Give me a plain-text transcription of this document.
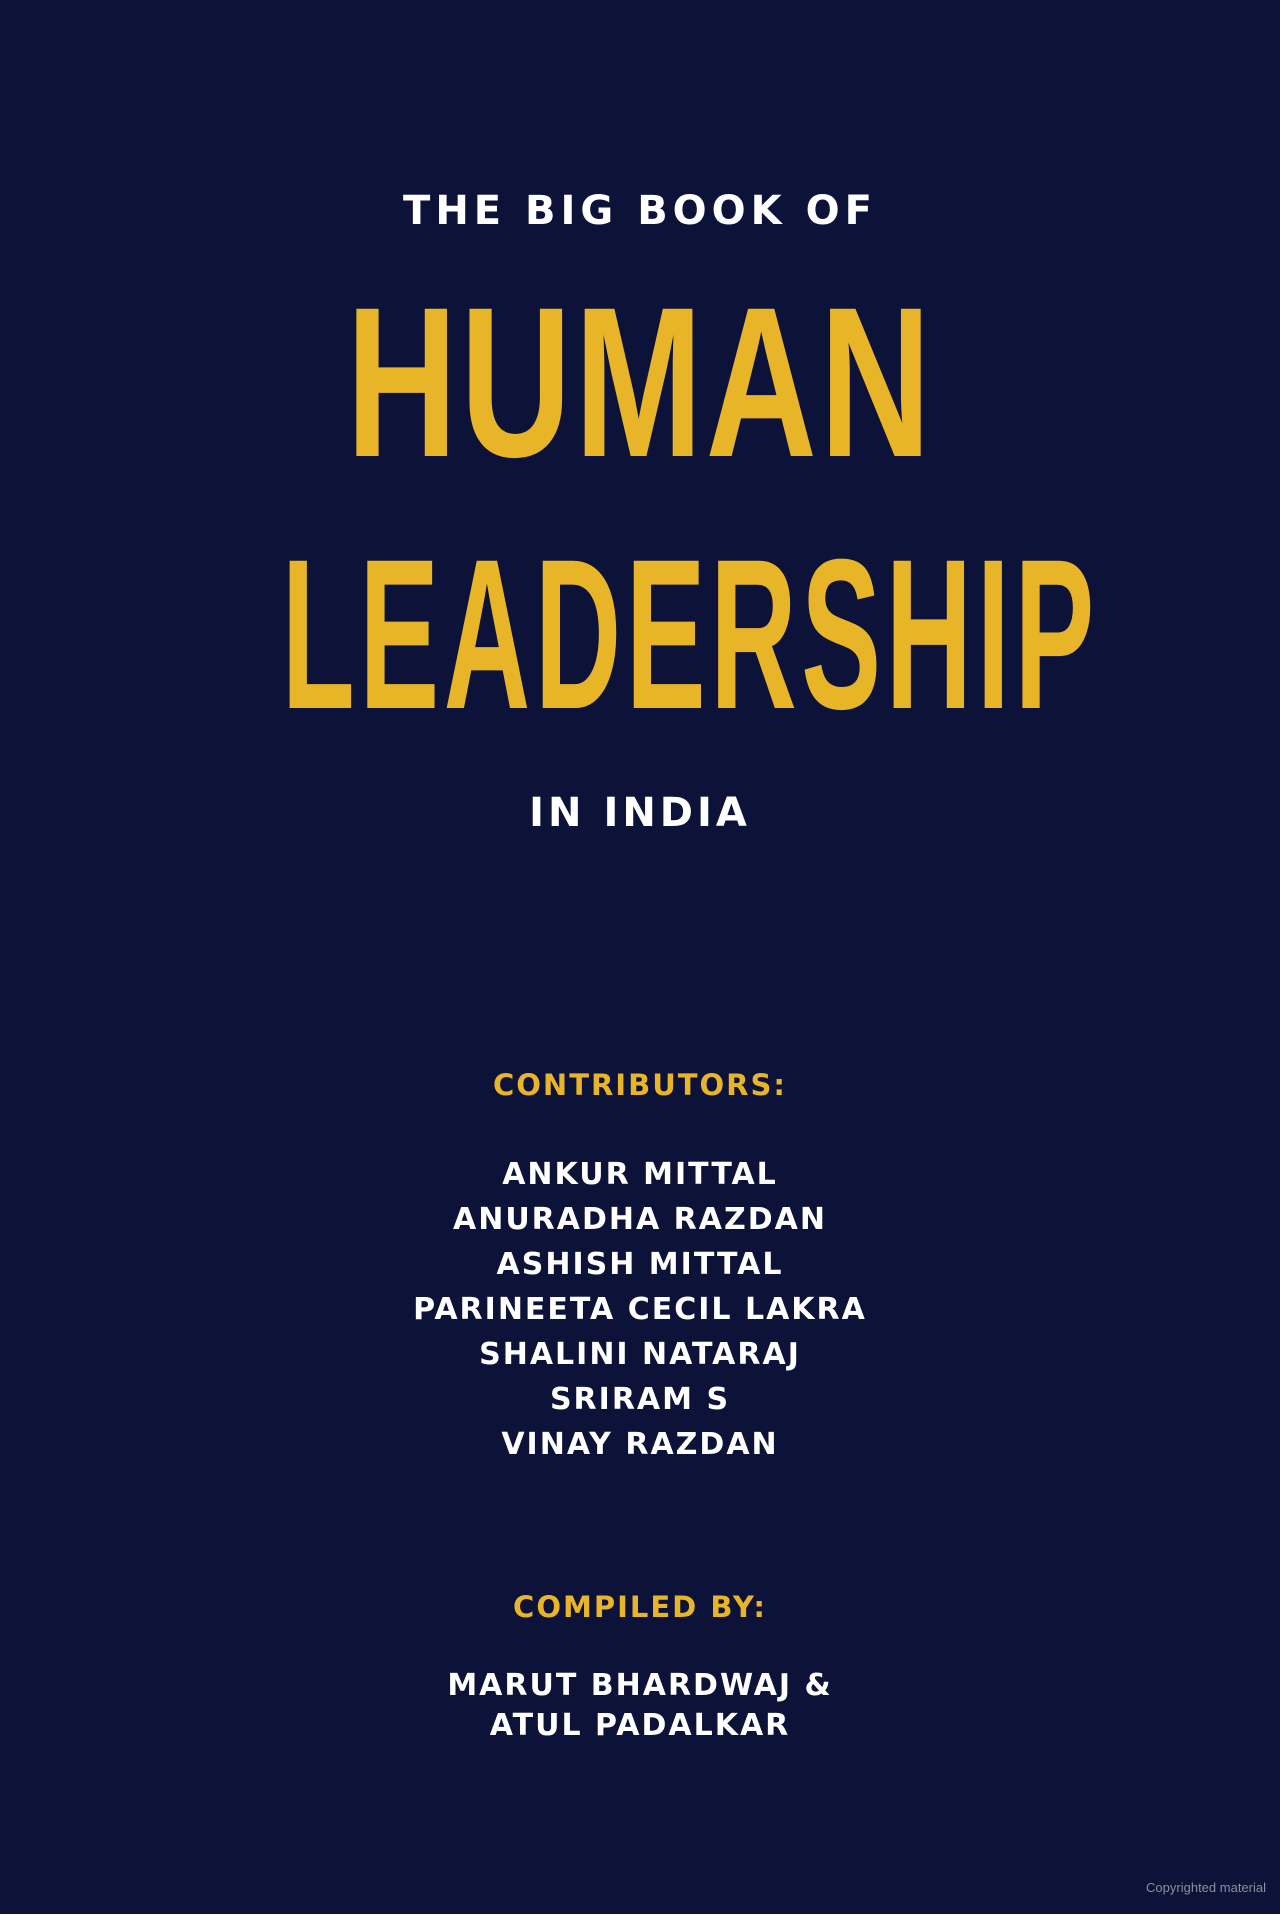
THE BIG BOOK OF

HUMAN

LEADERSHIP

IN INDIA

CONTRIBUTORS:

ANKUR MITTAL
ANURADHA RAZDAN
ASHISH MITTAL
PARINEETA CECIL LAKRA
SHALINI NATARAJ
SRIRAM S
VINAY RAZDAN

COMPILED BY:

MARUT BHARDWAJ &
ATUL PADALKAR
Copyrighted material
